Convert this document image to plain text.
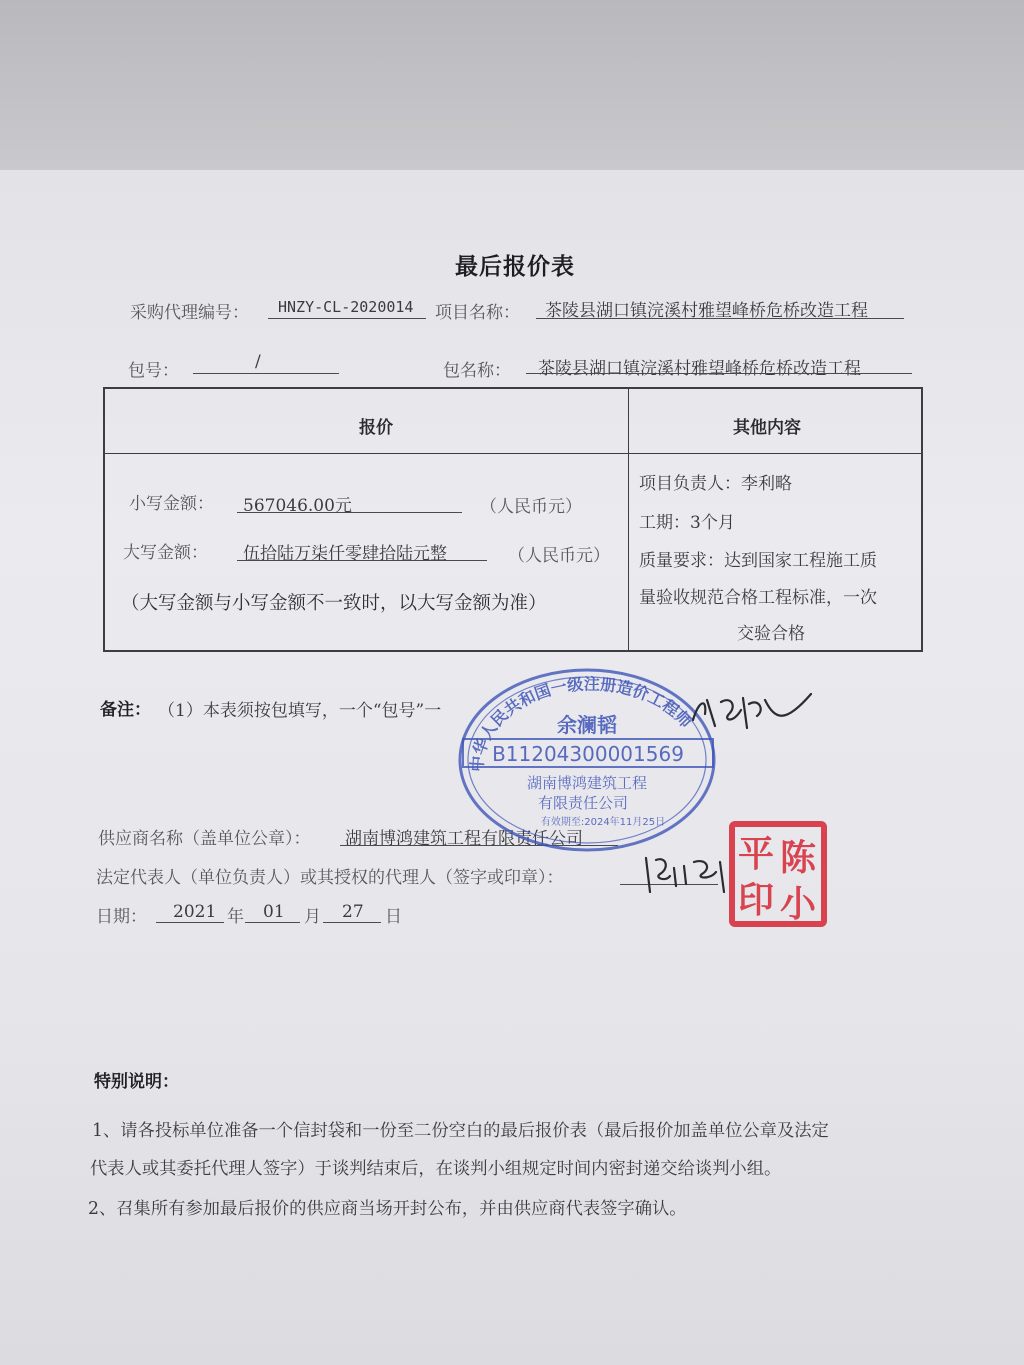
最后报价表
采购代理编号： HNZY-CL-2020014 项目名称： 茶陵县湖口镇浣溪村雅望峰桥危桥改造工程
包号：	/	包名称： 茶陵县湖口镇浣溪村雅望峰桥危桥改造工程
报价	其他内容
小写金额： 567046.00元	（人民币元）
大写金额： 伍拾陆万柒仟零肆拾陆元整	（人民币元）
（大写金额与小写金额不一致时，以大写金额为准）
项目负责人：李利略
工期：3个月
质量要求：达到国家工程施工质
量验收规范合格工程标准，一次
交验合格
备注： （1）本表须按包填写，一个“包号”一
供应商名称（盖单位公章）： 湖南博鸿建筑工程有限责任公司
法定代表人（单位负责人）或其授权的代理人（签字或印章）：
日期： 2021 年 01 月 27 日
中华人民共和国一级注册造价工程师
余澜韬
B11204300001569
湖南博鸿建筑工程
有限责任公司
有效期至:2024年11月25日
平 陈
印 小
特别说明：
1、请各投标单位准备一个信封袋和一份至二份空白的最后报价表（最后报价加盖单位公章及法定
代表人或其委托代理人签字）于谈判结束后，在谈判小组规定时间内密封递交给谈判小组。
2、召集所有参加最后报价的供应商当场开封公布，并由供应商代表签字确认。
